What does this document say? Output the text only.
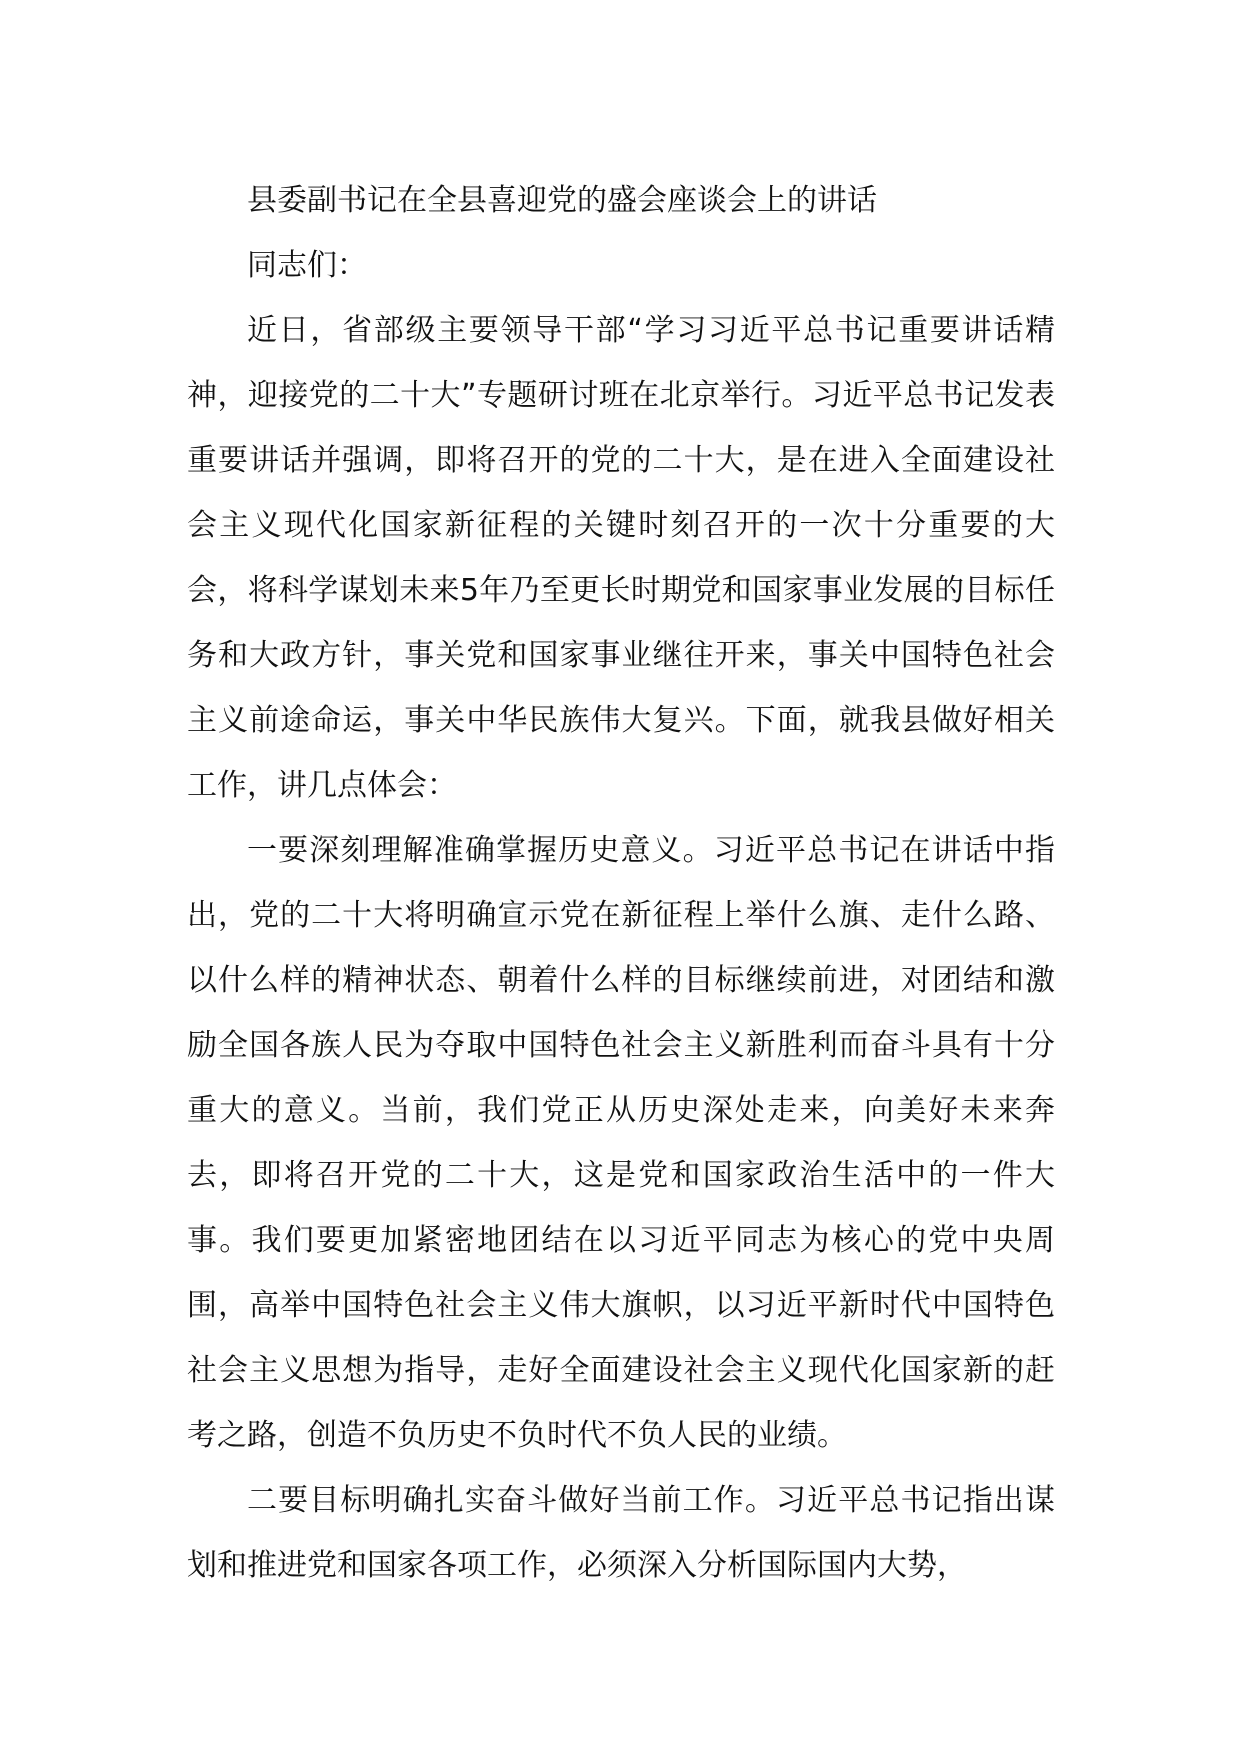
县委副书记在全县喜迎党的盛会座谈会上的讲话

同志们：

近日，省部级主要领导干部“学习习近平总书记重要讲话精神，迎接党的二十大”专题研讨班在北京举行。习近平总书记发表重要讲话并强调，即将召开的党的二十大，是在进入全面建设社会主义现代化国家新征程的关键时刻召开的一次十分重要的大会，将科学谋划未来5年乃至更长时期党和国家事业发展的目标任务和大政方针，事关党和国家事业继往开来，事关中国特色社会主义前途命运，事关中华民族伟大复兴。下面，就我县做好相关工作，讲几点体会：

一要深刻理解准确掌握历史意义。习近平总书记在讲话中指出，党的二十大将明确宣示党在新征程上举什么旗、走什么路、以什么样的精神状态、朝着什么样的目标继续前进，对团结和激励全国各族人民为夺取中国特色社会主义新胜利而奋斗具有十分重大的意义。当前，我们党正从历史深处走来，向美好未来奔去，即将召开党的二十大，这是党和国家政治生活中的一件大事。我们要更加紧密地团结在以习近平同志为核心的党中央周围，高举中国特色社会主义伟大旗帜，以习近平新时代中国特色社会主义思想为指导，走好全面建设社会主义现代化国家新的赶考之路，创造不负历史不负时代不负人民的业绩。

二要目标明确扎实奋斗做好当前工作。习近平总书记指出谋划和推进党和国家各项工作，必须深入分析国际国内大势，
